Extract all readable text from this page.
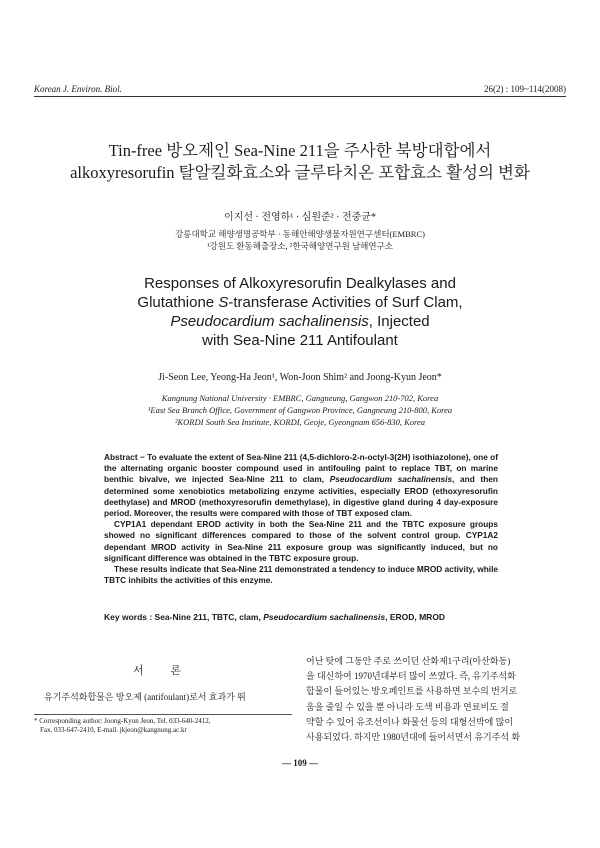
Korean J. Environ. Biol.	26(2) : 109~114(2008)
Tin-free 방오제인 Sea-Nine 211을 주사한 북방대합에서
alkoxyresorufin 탈알킬화효소와 글루타치온 포합효소 활성의 변화
이지선 · 전영하¹ · 심원준² · 전중균*
강릉대학교 해양생명공학부 · 동해안해양생물자원연구센터(EMBRC)
¹강원도 환동해출장소, ²한국해양연구원 남해연구소
Responses of Alkoxyresorufin Dealkylases and
Glutathione S-transferase Activities of Surf Clam,
Pseudocardium sachalinensis, Injected
with Sea-Nine 211 Antifoulant
Ji-Seon Lee, Yeong-Ha Jeon¹, Won-Joon Shim² and Joong-Kyun Jeon*
Kangnung National University · EMBRC, Gangneung, Gangwon 210-702, Korea
¹East Sea Branch Office, Government of Gangwon Province, Gangneung 210-800, Korea
²KORDI South Sea Institute, KORDI, Geoje, Gyeongnam 656-830, Korea

Abstract − To evaluate the extent of Sea-Nine 211 (4,5-dichloro-2-n-octyl-3(2H) isothiazolone), one of the alternating organic booster compound used in antifouling paint to replace TBT, on marine benthic bivalve, we injected Sea-Nine 211 to clam, Pseudocardium sachalinensis, and then determined some xenobiotics metabolizing enzyme activities, especially EROD (ethoxyresorufin deethylase) and MROD (methoxyresorufin demethylase), in digestive gland during 4 day-exposure period. Moreover, the results were compared with those of TBT exposed clam.

CYP1A1 dependant EROD activity in both the Sea-Nine 211 and the TBTC exposure groups showed no significant differences compared to those of the solvent control group. CYP1A2 dependant MROD activity in Sea-Nine 211 exposure group was significantly induced, but no significant difference was obtained in the TBTC exposure group.

These results indicate that Sea-Nine 211 demonstrated a tendency to induce MROD activity, while TBTC inhibits the activities of this enzyme.

Key words : Sea-Nine 211, TBTC, clam, Pseudocardium sachalinensis, EROD, MROD
서 론
유기주석화합물은 방오제 (antifoulant)로서 효과가 뛰
* Corresponding author: Joong-Kyun Jeon, Tel. 033-640-2412,
Fax. 033-647-2410, E-mail. jkjeon@kangnung.ac.kr
어난 탓에 그동안 주로 쓰이던 산화제1구리(아산화동)
을 대신하여 1970년대부터 많이 쓰였다. 즉, 유기주석화
합물이 들어있는 방오페인트를 사용하면 보수의 번거로
움을 줄일 수 있을 뿐 아니라 도색 비용과 연료비도 절
약할 수 있어 유조선이나 화물선 등의 대형선박에 많이
사용되었다. 하지만 1980년대에 들어서면서 유기주석 화
— 109 —
